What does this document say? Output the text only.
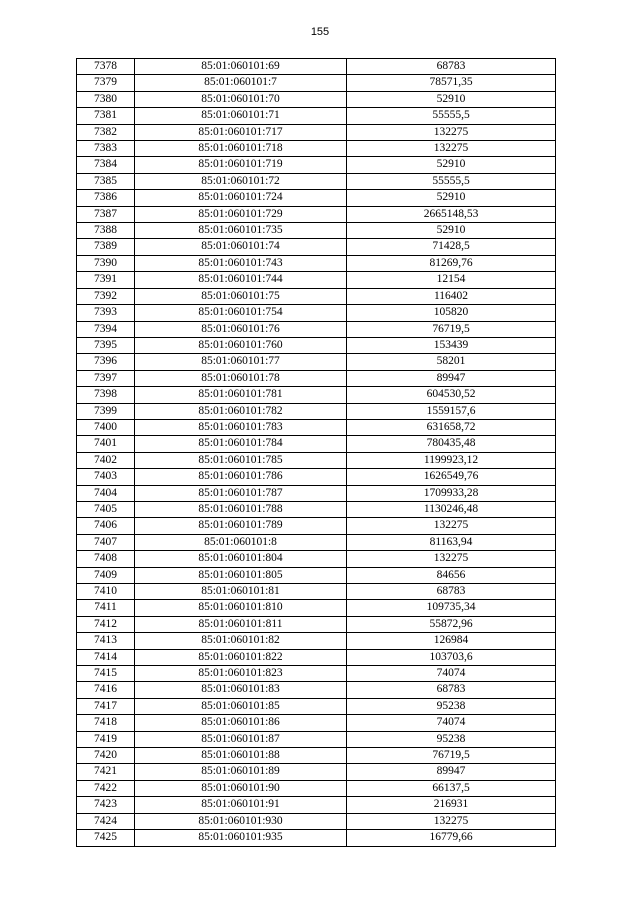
155
7378	85:01:060101:69	68783
7379	85:01:060101:7	78571,35
7380	85:01:060101:70	52910
7381	85:01:060101:71	55555,5
7382	85:01:060101:717	132275
7383	85:01:060101:718	132275
7384	85:01:060101:719	52910
7385	85:01:060101:72	55555,5
7386	85:01:060101:724	52910
7387	85:01:060101:729	2665148,53
7388	85:01:060101:735	52910
7389	85:01:060101:74	71428,5
7390	85:01:060101:743	81269,76
7391	85:01:060101:744	12154
7392	85:01:060101:75	116402
7393	85:01:060101:754	105820
7394	85:01:060101:76	76719,5
7395	85:01:060101:760	153439
7396	85:01:060101:77	58201
7397	85:01:060101:78	89947
7398	85:01:060101:781	604530,52
7399	85:01:060101:782	1559157,6
7400	85:01:060101:783	631658,72
7401	85:01:060101:784	780435,48
7402	85:01:060101:785	1199923,12
7403	85:01:060101:786	1626549,76
7404	85:01:060101:787	1709933,28
7405	85:01:060101:788	1130246,48
7406	85:01:060101:789	132275
7407	85:01:060101:8	81163,94
7408	85:01:060101:804	132275
7409	85:01:060101:805	84656
7410	85:01:060101:81	68783
7411	85:01:060101:810	109735,34
7412	85:01:060101:811	55872,96
7413	85:01:060101:82	126984
7414	85:01:060101:822	103703,6
7415	85:01:060101:823	74074
7416	85:01:060101:83	68783
7417	85:01:060101:85	95238
7418	85:01:060101:86	74074
7419	85:01:060101:87	95238
7420	85:01:060101:88	76719,5
7421	85:01:060101:89	89947
7422	85:01:060101:90	66137,5
7423	85:01:060101:91	216931
7424	85:01:060101:930	132275
7425	85:01:060101:935	16779,66
